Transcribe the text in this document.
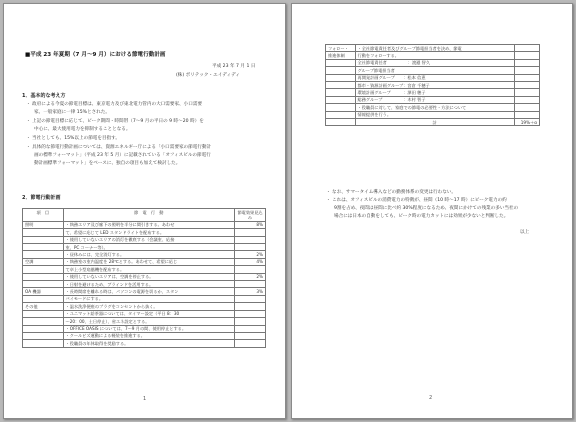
■平成 23 年夏期（7 月～9 月）における節電行動計画
平成 23 年 7 月 1 日
(株) ポリテック・エイディディ
1．基本的な考え方
・ 政府による今夏の節電目標は、東京電力及び東北電力管内の大口需要家、小口需要
家、一般家庭に一律 15%とされた。
・ 上記の節電目標に応じて、ピーク期間・時間帯（7～9 月の平日の 9 時～20 時）を
中心に、最大使用電力を抑制することとなる。
・ 当社としても、15%以上の節電を目指す。
・ 具体的な節電行動計画については、資源エネルギー庁による「小口需要家の節電行動計
画の標準フォーマット」（平成 23 年 5 月）に記載されている「オフィスビルの節電行
動計画標準フォーマット」をベースに、独自の項目も加えて検討した。
2．節電行動計画
項　目	節　電　行　動	節電効果見込み
照明	・執務エリア及び廊下の照明を半分に間引きする。あわせ	8%
	て、希望に応じて LED スタンドライトを配布する。	
	・使用していないエリアの消灯を徹底する（会議室、応接	
	室、PC コーナー等）。	
	・昼休みには、完全消灯する。	2%
空調	・執務室の室内温度を 28℃とする。あわせて、希望に応じ	4%
	て卓上小型扇風機を配布する。	
	・使用していないエリアは、空調を停止する。	2%
	・日射を避けるため、ブラインドを活用する。	
OA 機器	・長時間席を離れる時は、パソコンの電源を切るか、スタン	3%
	バイモードにする。	
その他	・温水洗浄便座のプラグをコンセントから抜く。	
	・ユニマット給茶器については、タイマー設定（平日 8：30	
	～20：00、土日停止）、省エネ設定とする。	
	・OFFICE OASIS については、7～9 月の間、使用停止とする。	
	・クールビズ運動による軽装を推進する。	
	・役職員の年休取得を奨励する。	
1
フォロー・	・全社節電責任者及びグループ節電担当者を決め、節電	
推進体制	行動をフォローする。	
	全社節電責任者　　　　　：渡邉 智久	
	グループ節電担当者	
	再開発計画グループ　　：松本 信恵	
	都市・資源計画グループ：宮倉 千穂子	
	環境計画グループ　　　：澤田 穂子	
	総務グループ　　　　　：木村 智子	
	・役職員に対して、家庭での節電の必要性・方法について	
	情報提供を行う。	
	計	19%＋α
・ なお、サマータイム導入などの勤務体系の変更は行わない。
・ これは、オフィスビルの消費電力の特徴が、昼間（10 時～17 時）にピーク電力の約
9割を占め、夜間は昼間に比べ約 30%程度になるため、夜間にかけての残業の多い当社の
場合には日本の自動をしても、ピーク時の電力カットには効果が少ないと判断した。
以上
2
